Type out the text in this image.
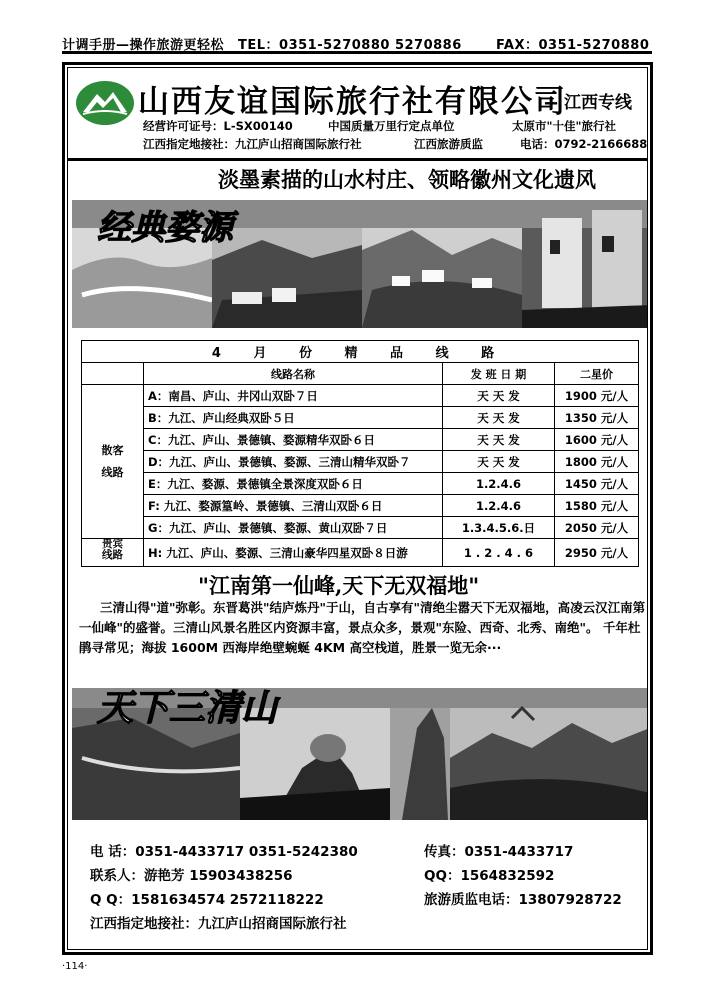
计调手册—操作旅游更轻松 TEL：0351-5270880 5270886	FAX：0351-5270880
山西友谊国际旅行社有限公司
-- 江西专线
经营许可证号：L-SX00140	中国质量万里行定点单位	太原市"十佳"旅行社
江西指定地接社：九江庐山招商国际旅行社	江西旅游质监	电话：0792-2166688
淡墨素描的山水村庄、领略徽州文化遗风
经典婺源
4 月 份 精 品 线 路			
	线路名称	发 班 日 期	二星价
散客线路	A：南昌、庐山、井冈山双卧７日	天 天 发	1900 元/人
	B：九江、庐山经典双卧５日	天 天 发	1350 元/人
	C：九江、庐山、景德镇、婺源精华双卧６日	天 天 发	1600 元/人
	D：九江、庐山、景德镇、婺源、三清山精华双卧７	天 天 发	1800 元/人
	E：九江、婺源、景德镇全景深度双卧６日	1.2.4.6	1450 元/人
	F: 九江、婺源篁岭、景德镇、三清山双卧６日	1.2.4.6	1580 元/人
	G：九江、庐山、景德镇、婺源、黄山双卧７日	1.3.4.5.6.日	2050 元/人
贵宾线路	H: 九江、庐山、婺源、三清山豪华四星双卧８日游	1 . 2 . 4 . 6	2950 元/人
"江南第一仙峰,天下无双福地"

三清山得"道"弥彰。东晋葛洪"结庐炼丹"于山，自古享有"清绝尘嚣天下无双福地，高凌云汉江南第一仙峰"的盛誉。三清山风景名胜区内资源丰富，景点众多，景观"东险、西奇、北秀、南绝"。 千年杜鹃寻常见；海拔 1600M 西海岸绝壁蜿蜒 4KM 高空栈道，胜景一览无余···

天下三清山
电 话：0351-4433717 0351-5242380	传真：0351-4433717
联系人：游艳芳 15903438256	QQ：1564832592
Q Q：1581634574 2572118222	旅游质监电话：13807928722
江西指定地接社：九江庐山招商国际旅行社
·114·
